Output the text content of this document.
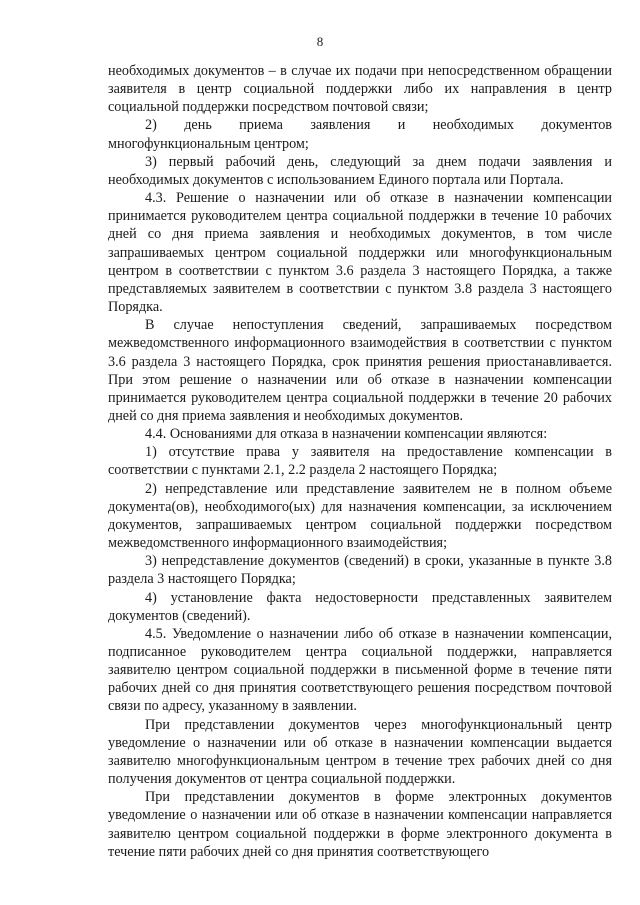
8

необходимых документов – в случае их подачи при непосредственном обращении заявителя в центр социальной поддержки либо их направления в центр социальной поддержки посредством почтовой связи;

2) день приема заявления и необходимых документов многофункциональным центром;

3) первый рабочий день, следующий за днем подачи заявления и необходимых документов с использованием Единого портала или Портала.

4.3. Решение о назначении или об отказе в назначении компенсации принимается руководителем центра социальной поддержки в течение 10 рабочих дней со дня приема заявления и необходимых документов, в том числе запрашиваемых центром социальной поддержки или многофункциональным центром в соответствии с пунктом 3.6 раздела 3 настоящего Порядка, а также представляемых заявителем в соответствии с пунктом 3.8 раздела 3 настоящего Порядка.

В случае непоступления сведений, запрашиваемых посредством межведомственного информационного взаимодействия в соответствии с пунктом 3.6 раздела 3 настоящего Порядка, срок принятия решения приостанавливается. При этом решение о назначении или об отказе в назначении компенсации принимается руководителем центра социальной поддержки в течение 20 рабочих дней со дня приема заявления и необходимых документов.

4.4. Основаниями для отказа в назначении компенсации являются:

1) отсутствие права у заявителя на предоставление компенсации в соответствии с пунктами 2.1, 2.2 раздела 2 настоящего Порядка;

2) непредставление или представление заявителем не в полном объеме документа(ов), необходимого(ых) для назначения компенсации, за исключением документов, запрашиваемых центром социальной поддержки посредством межведомственного информационного взаимодействия;

3) непредставление документов (сведений) в сроки, указанные в пункте 3.8 раздела 3 настоящего Порядка;

4) установление факта недостоверности представленных заявителем документов (сведений).

4.5. Уведомление о назначении либо об отказе в назначении компенсации, подписанное руководителем центра социальной поддержки, направляется заявителю центром социальной поддержки в письменной форме в течение пяти рабочих дней со дня принятия соответствующего решения посредством почтовой связи по адресу, указанному в заявлении.

При представлении документов через многофункциональный центр уведомление о назначении или об отказе в назначении компенсации выдается заявителю многофункциональным центром в течение трех рабочих дней со дня получения документов от центра социальной поддержки.

При представлении документов в форме электронных документов уведомление о назначении или об отказе в назначении компенсации направляется заявителю центром социальной поддержки в форме электронного документа в течение пяти рабочих дней со дня принятия соответствующего
